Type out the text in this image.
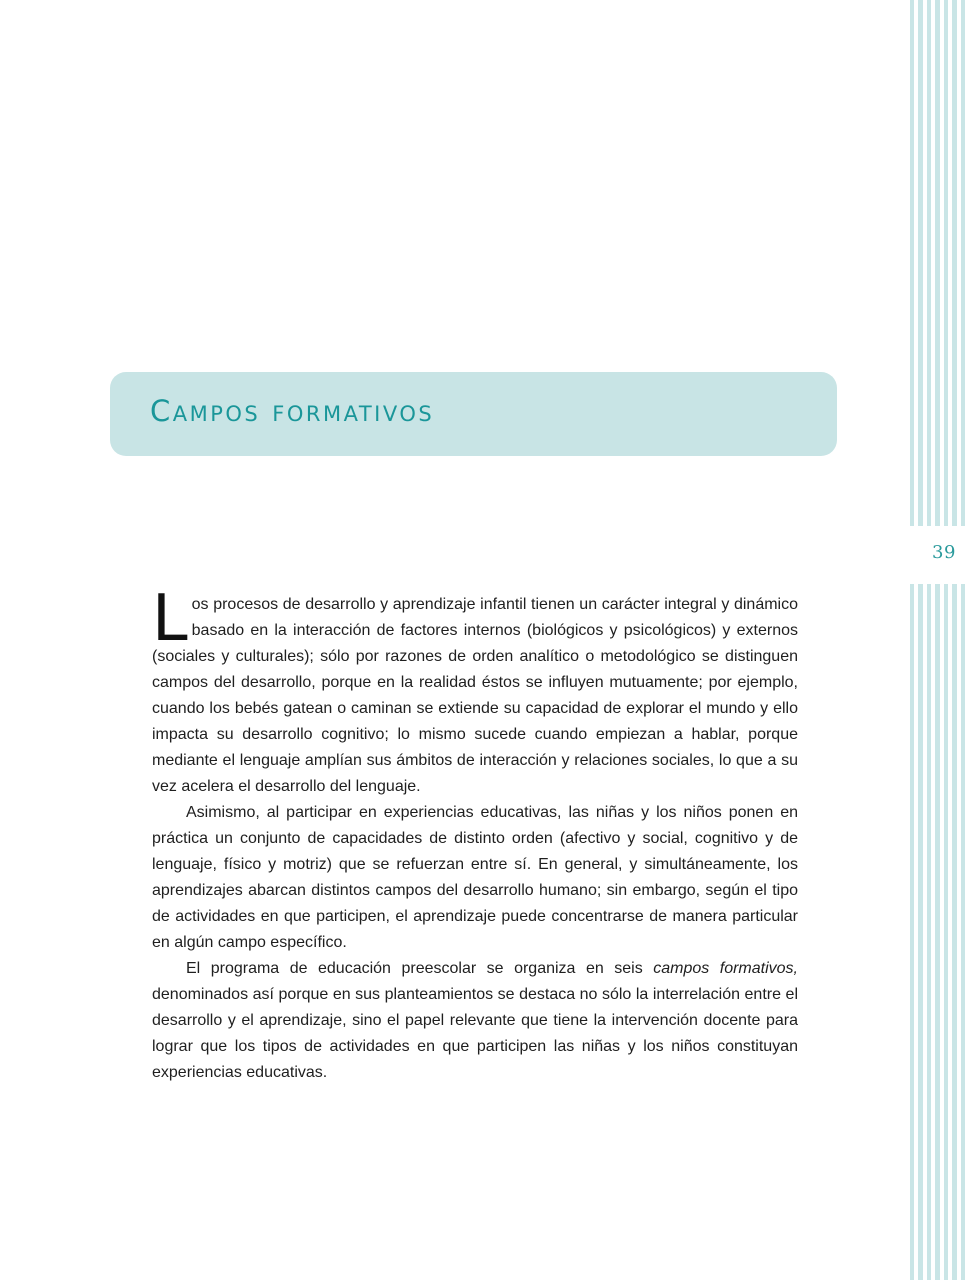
39
Campos formativos

Los procesos de desarrollo y aprendizaje infantil tienen un carácter integral y dinámico basado en la interacción de factores internos (biológicos y psicológicos) y externos (sociales y culturales); sólo por razones de orden analítico o metodológico se distinguen campos del desarrollo, porque en la realidad éstos se influyen mutuamente; por ejemplo, cuando los bebés gatean o caminan se extiende su capacidad de explorar el mundo y ello impacta su desarrollo cognitivo; lo mismo sucede cuando empiezan a hablar, porque mediante el lenguaje amplían sus ámbitos de interacción y relaciones sociales, lo que a su vez acelera el desarrollo del lenguaje.

Asimismo, al participar en experiencias educativas, las niñas y los niños ponen en práctica un conjunto de capacidades de distinto orden (afectivo y social, cognitivo y de lenguaje, físico y motriz) que se refuerzan entre sí. En general, y simultáneamente, los aprendizajes abarcan distintos campos del desarrollo humano; sin embargo, según el tipo de actividades en que participen, el aprendizaje puede concentrarse de manera particular en algún campo específico.

El programa de educación preescolar se organiza en seis campos formativos, denominados así porque en sus planteamientos se destaca no sólo la interrelación entre el desarrollo y el aprendizaje, sino el papel relevante que tiene la intervención docente para lograr que los tipos de actividades en que participen las niñas y los niños constituyan experiencias educativas.
